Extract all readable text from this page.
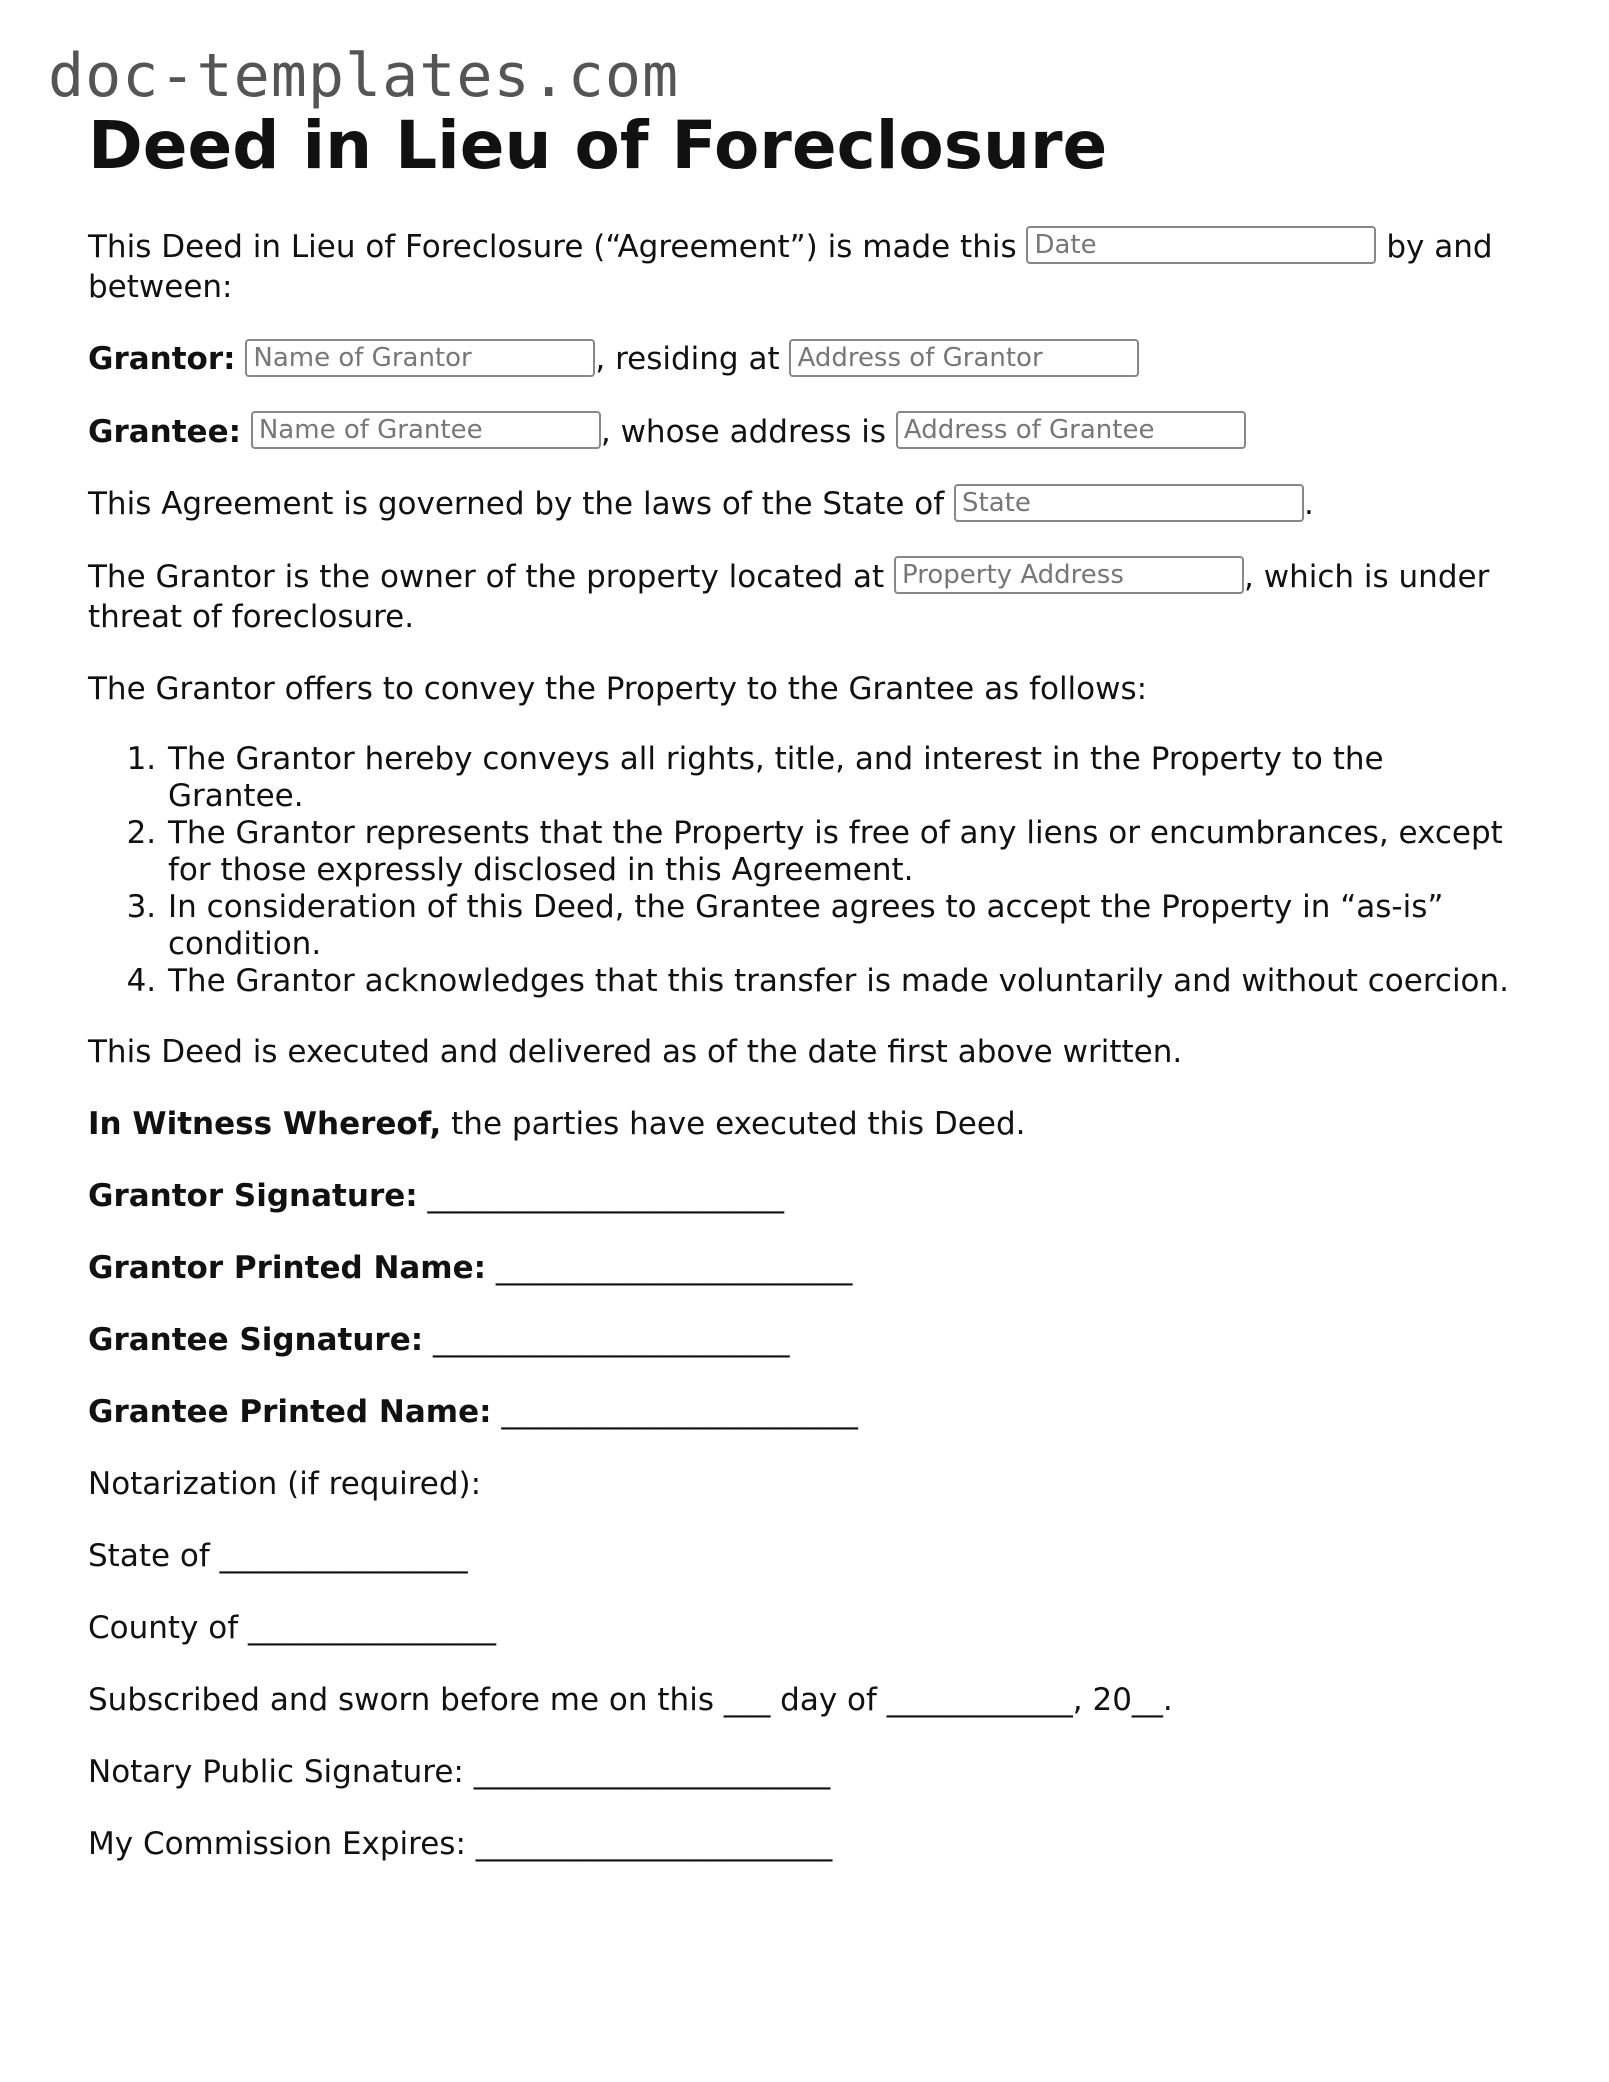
doc-templates.com
Deed in Lieu of Foreclosure

This Deed in Lieu of Foreclosure (“Agreement”) is made this Date	by and between:

Grantor: Name of Grantor	, residing at Address of Grantor

Grantee: Name of Grantee	, whose address is Address of Grantee

This Agreement is governed by the laws of the State of State	.

The Grantor is the owner of the property located at Property Address	, which is under threat of foreclosure.

The Grantor offers to convey the Property to the Grantee as follows:

1. The Grantor hereby conveys all rights, title, and interest in the Property to the Grantee.
2. The Grantor represents that the Property is free of any liens or encumbrances, except for those expressly disclosed in this Agreement.
3. In consideration of this Deed, the Grantee agrees to accept the Property in “as-is” condition.
4. The Grantor acknowledges that this transfer is made voluntarily and without coercion.

This Deed is executed and delivered as of the date first above written.

In Witness Whereof, the parties have executed this Deed.

Grantor Signature: _______________________

Grantor Printed Name: _______________________

Grantee Signature: _______________________

Grantee Printed Name: _______________________

Notarization (if required):

State of ________________

County of ________________

Subscribed and sworn before me on this ___ day of ____________, 20__.

Notary Public Signature: _______________________

My Commission Expires: _______________________
